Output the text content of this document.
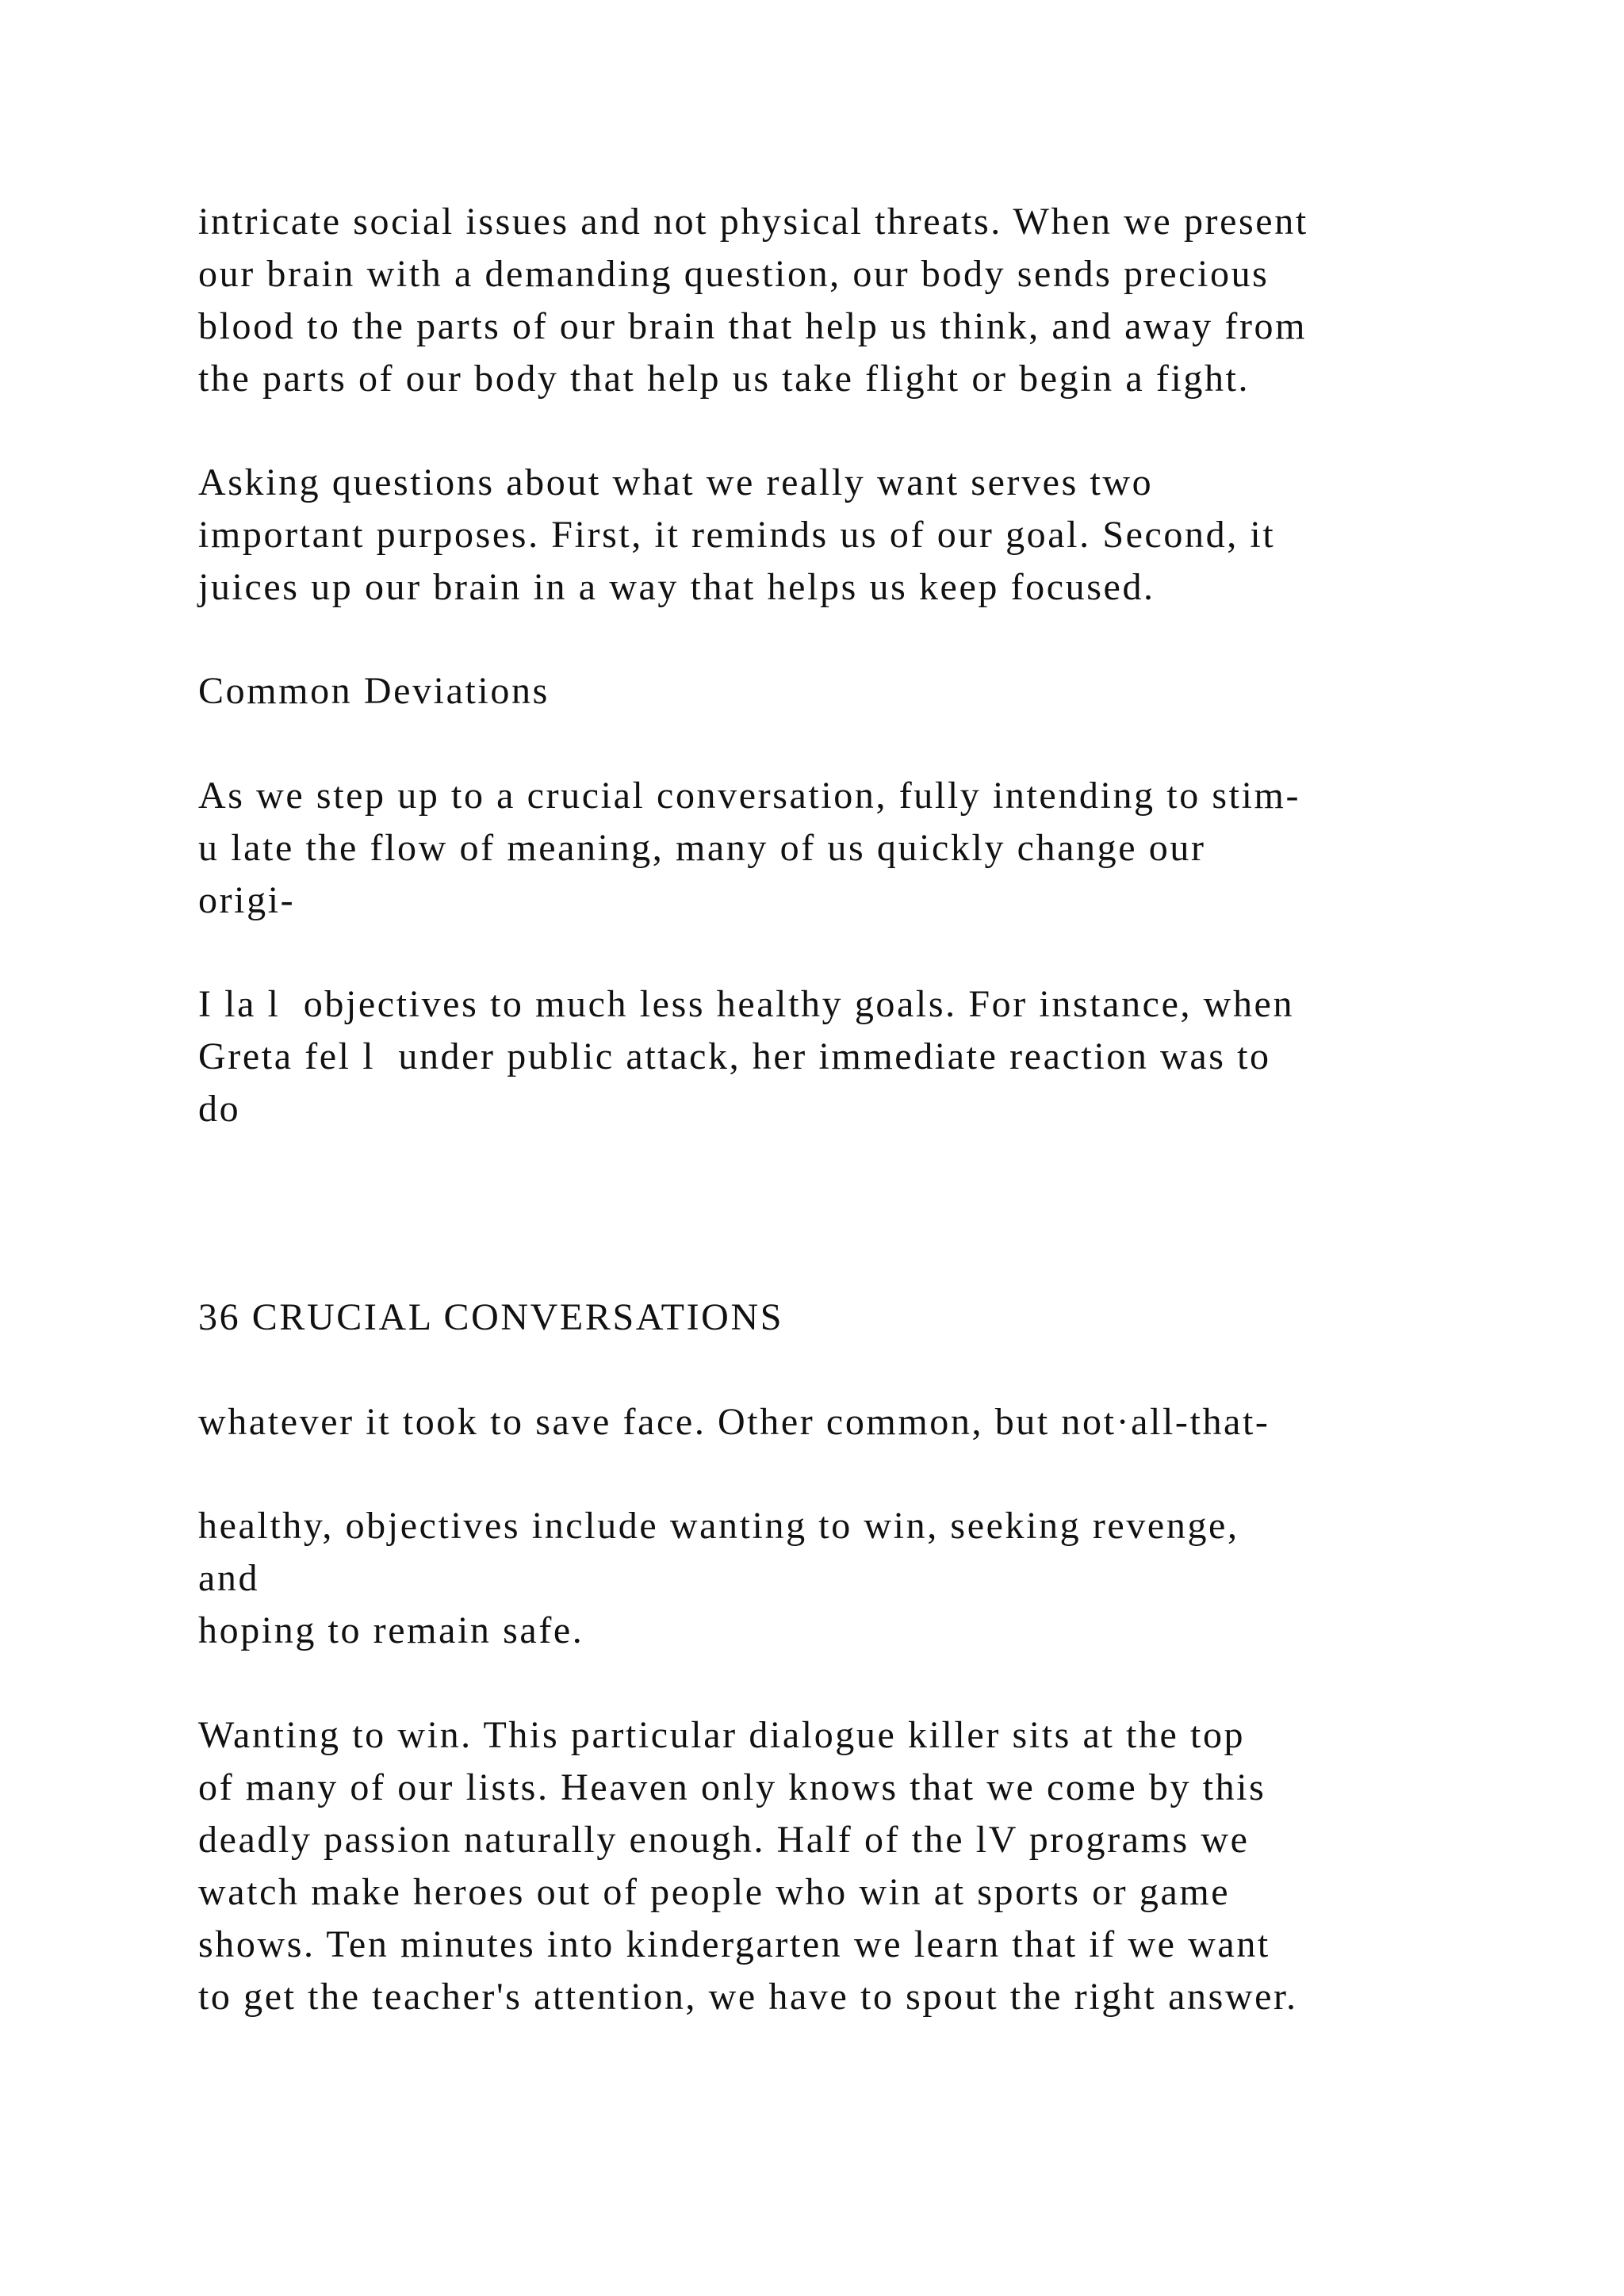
intricate social issues and not physical threats. When we present

our brain with a demanding question, our body sends precious

blood to the parts of our brain that help us think, and away from

the parts of our body that help us take flight or begin a fight.

Asking questions about what we really want serves two

important purposes. First, it reminds us of our goal. Second, it

juices up our brain in a way that helps us keep focused.

Common Deviations

As we step up to a crucial conversation, fully intending to stim-

u late the flow of meaning, many of us quickly change our

origi-

I la l  objectives to much less healthy goals. For instance, when

Greta fel l  under public attack, her immediate reaction was to

do

36 CRUCIAL CONVERSATIONS

whatever it took to save face. Other common, but not·all-that-

healthy, objectives include wanting to win, seeking revenge,

and

hoping to remain safe.

Wanting to win. This particular dialogue killer sits at the top

of many of our lists. Heaven only knows that we come by this

deadly passion naturally enough. Half of the lV programs we

watch make heroes out of people who win at sports or game

shows. Ten minutes into kindergarten we learn that if we want

to get the teacher's attention, we have to spout the right answer.
